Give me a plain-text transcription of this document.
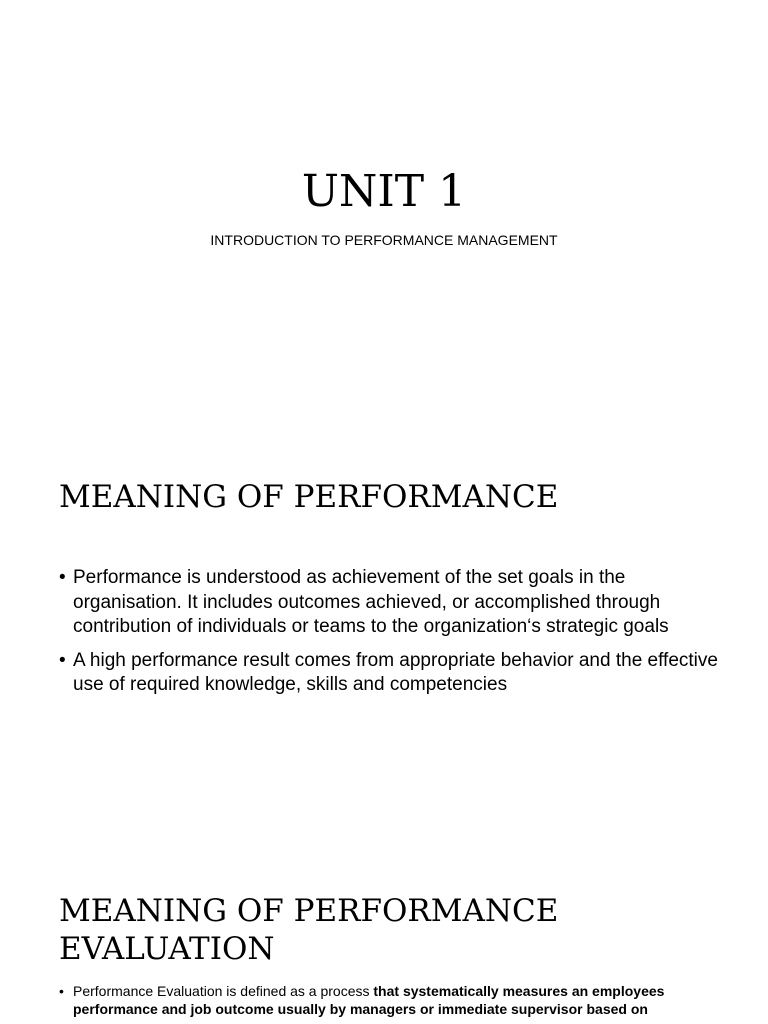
UNIT 1
INTRODUCTION TO PERFORMANCE MANAGEMENT
MEANING OF PERFORMANCE
• Performance is understood as achievement of the set goals in the organisation. It includes outcomes achieved, or accomplished through contribution of individuals or teams to the organization‘s strategic goals
• A high performance result comes from appropriate behavior and the effective use of required knowledge, skills and competencies
MEANING OF PERFORMANCE EVALUATION
• Performance Evaluation is defined as a process that systematically measures an employees performance and job outcome usually by managers or immediate supervisor based on
